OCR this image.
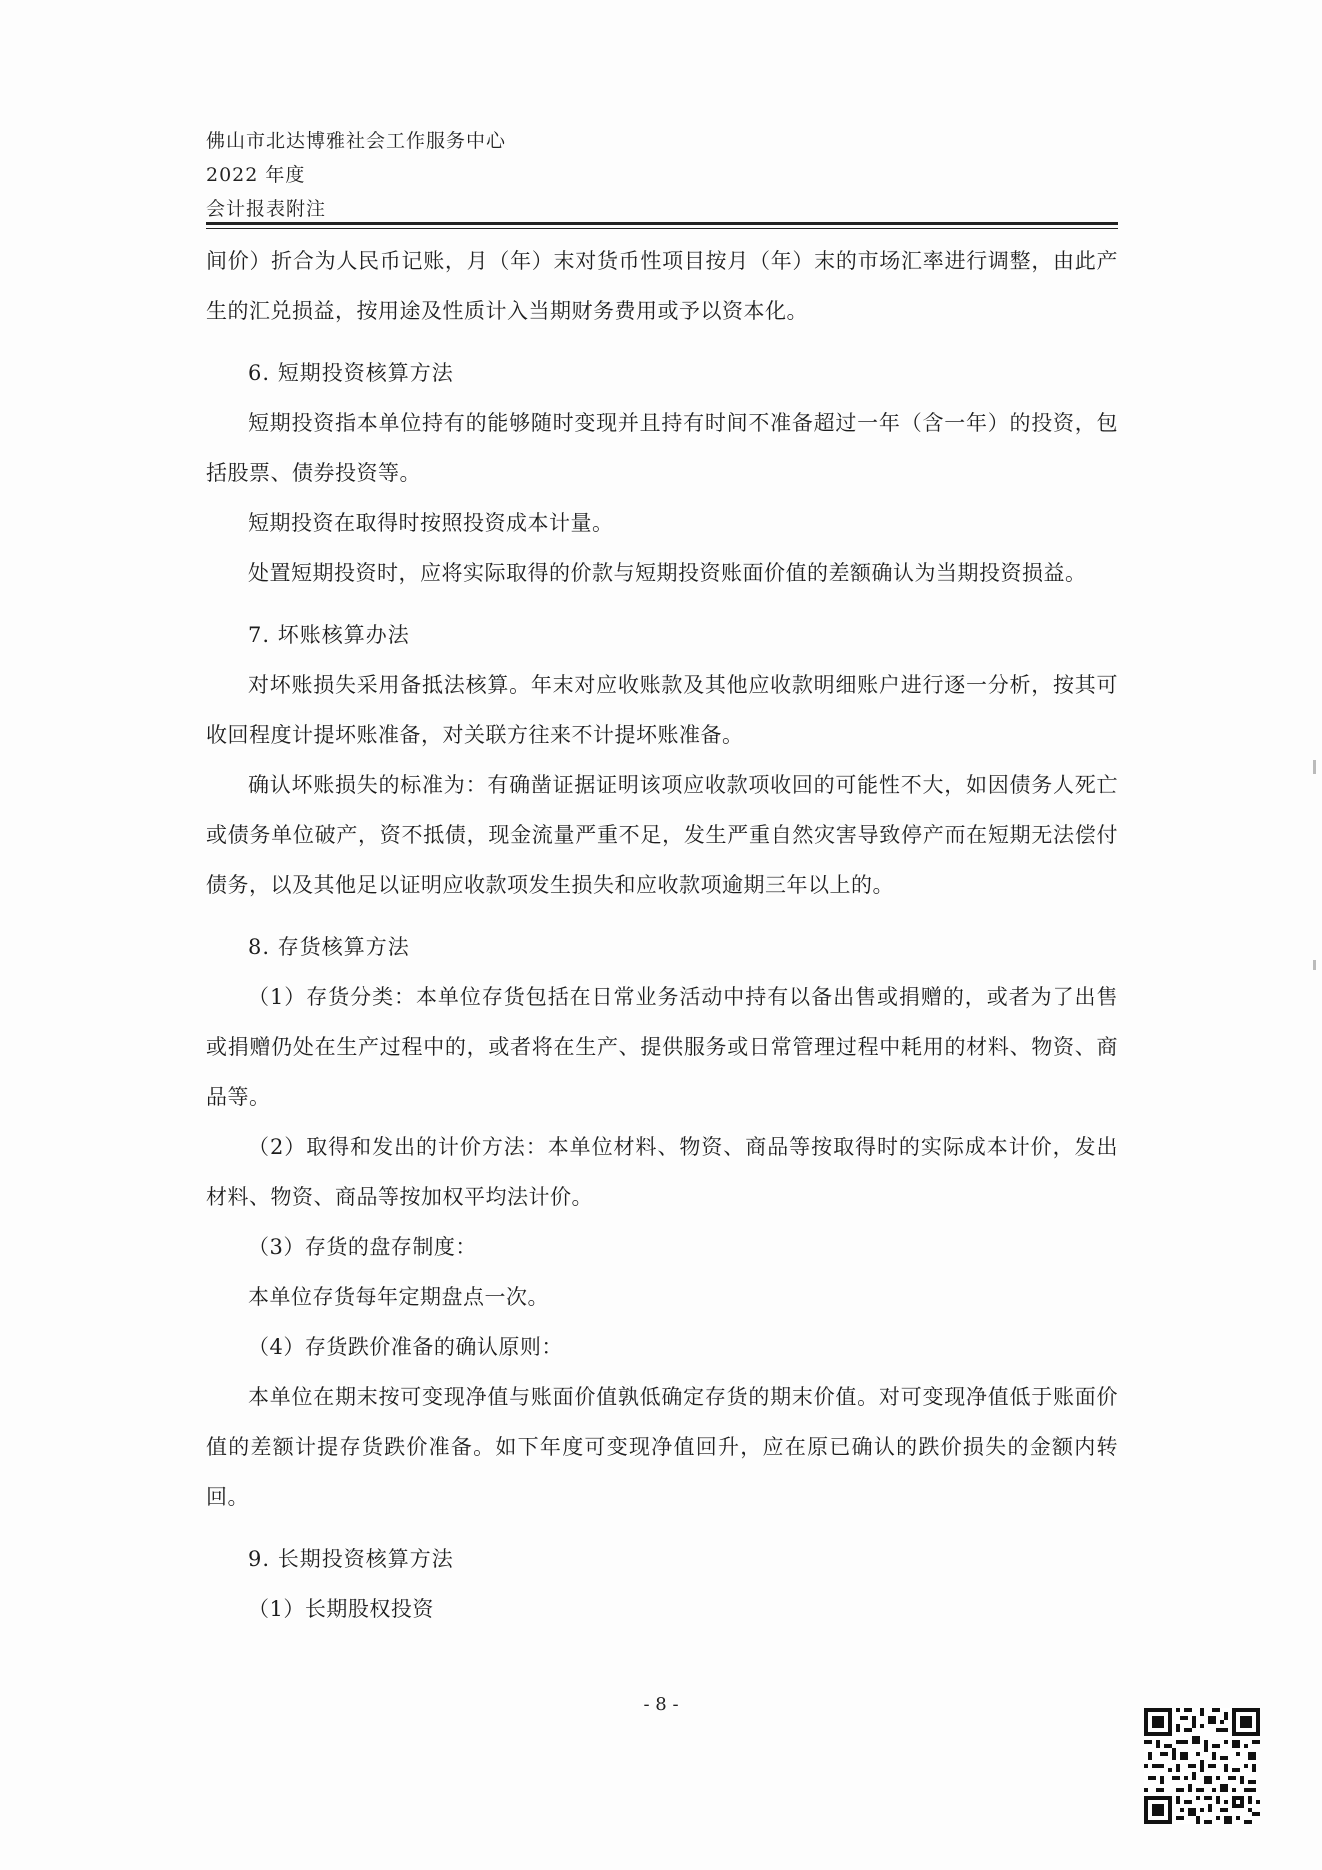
佛山市北达博雅社会工作服务中心
2022 年度
会计报表附注

间价）折合为人民币记账，月（年）末对货币性项目按月（年）末的市场汇率进行调整，由此产生的汇兑损益，按用途及性质计入当期财务费用或予以资本化。

6. 短期投资核算方法

短期投资指本单位持有的能够随时变现并且持有时间不准备超过一年（含一年）的投资，包括股票、债券投资等。

短期投资在取得时按照投资成本计量。

处置短期投资时，应将实际取得的价款与短期投资账面价值的差额确认为当期投资损益。

7. 坏账核算办法

对坏账损失采用备抵法核算。年末对应收账款及其他应收款明细账户进行逐一分析，按其可收回程度计提坏账准备，对关联方往来不计提坏账准备。

确认坏账损失的标准为：有确凿证据证明该项应收款项收回的可能性不大，如因债务人死亡或债务单位破产，资不抵债，现金流量严重不足，发生严重自然灾害导致停产而在短期无法偿付债务，以及其他足以证明应收款项发生损失和应收款项逾期三年以上的。

8. 存货核算方法

（1）存货分类：本单位存货包括在日常业务活动中持有以备出售或捐赠的，或者为了出售或捐赠仍处在生产过程中的，或者将在生产、提供服务或日常管理过程中耗用的材料、物资、商品等。

（2）取得和发出的计价方法：本单位材料、物资、商品等按取得时的实际成本计价，发出材料、物资、商品等按加权平均法计价。

（3）存货的盘存制度：

本单位存货每年定期盘点一次。

（4）存货跌价准备的确认原则：

本单位在期末按可变现净值与账面价值孰低确定存货的期末价值。对可变现净值低于账面价值的差额计提存货跌价准备。如下年度可变现净值回升，应在原已确认的跌价损失的金额内转回。

9. 长期投资核算方法

（1）长期股权投资

- 8 -
